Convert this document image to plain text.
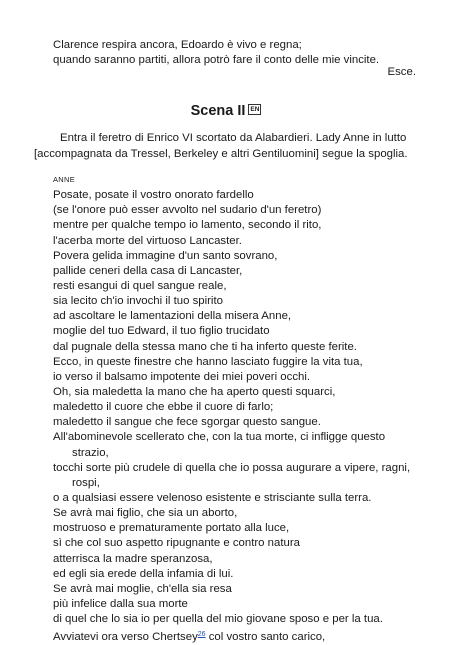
Clarence respira ancora, Edoardo è vivo e regna;
quando saranno partiti, allora potrò fare il conto delle mie vincite.
Esce.
Scena II EN
Entra il feretro di Enrico VI scortato da Alabardieri. Lady Anne in lutto
[accompagnata da Tressel, Berkeley e altri Gentiluomini] segue la spoglia.
ANNE
Posate, posate il vostro onorato fardello
(se l'onore può esser avvolto nel sudario d'un feretro)
mentre per qualche tempo io lamento, secondo il rito,
l'acerba morte del virtuoso Lancaster.
Povera gelida immagine d'un santo sovrano,
pallide ceneri della casa di Lancaster,
resti esangui di quel sangue reale,
sia lecito ch'io invochi il tuo spirito
ad ascoltare le lamentazioni della misera Anne,
moglie del tuo Edward, il tuo figlio trucidato
dal pugnale della stessa mano che ti ha inferto queste ferite.
Ecco, in queste finestre che hanno lasciato fuggire la vita tua,
io verso il balsamo impotente dei miei poveri occhi.
Oh, sia maledetta la mano che ha aperto questi squarci,
maledetto il cuore che ebbe il cuore di farlo;
maledetto il sangue che fece sgorgar questo sangue.
All'abominevole scellerato che, con la tua morte, ci infligge questo
strazio,
tocchi sorte più crudele di quella che io possa augurare a vipere, ragni,
rospi,
o a qualsiasi essere velenoso esistente e strisciante sulla terra.
Se avrà mai figlio, che sia un aborto,
mostruoso e prematuramente portato alla luce,
sì che col suo aspetto ripugnante e contro natura
atterrisca la madre speranzosa,
ed egli sia erede della infamia di lui.
Se avrà mai moglie, ch'ella sia resa
più infelice dalla sua morte
di quel che lo sia io per quella del mio giovane sposo e per la tua.
Avviatevi ora verso Chertsey$^{26}$ col vostro santo carico,
